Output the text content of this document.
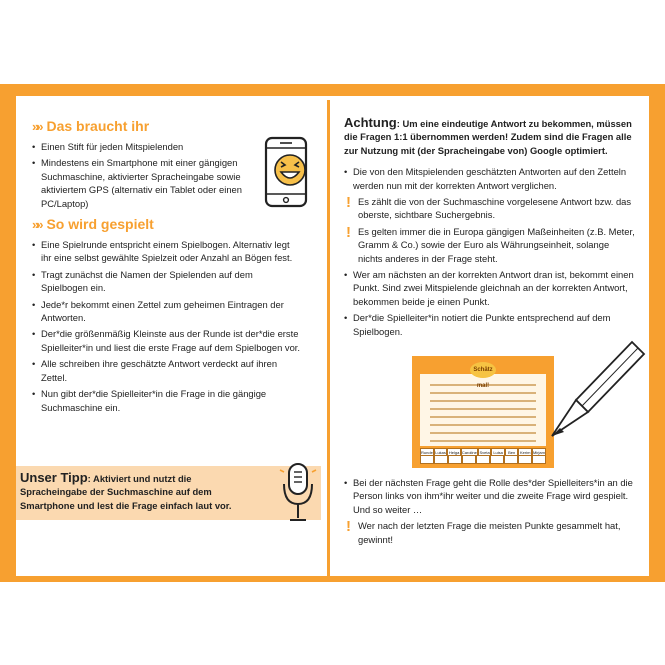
»» Das braucht ihr
• Einen Stift für jeden Mitspielenden
• Mindestens ein Smartphone mit einer gängigen Suchmaschine, aktivierter Spracheingabe sowie aktiviertem GPS (alternativ ein Tablet oder einen PC/Laptop)
»» So wird gespielt
• Eine Spielrunde entspricht einem Spielbogen. Alternativ legt ihr eine selbst gewählte Spielzeit oder Anzahl an Bögen fest.
• Tragt zunächst die Namen der Spielenden auf dem Spielbogen ein.
• Jede*r bekommt einen Zettel zum geheimen Eintragen der Antworten.
• Der*die größenmäßig Kleinste aus der Runde ist der*die erste Spielleiter*in und liest die erste Frage auf dem Spielbogen vor.
• Alle schreiben ihre geschätzte Antwort verdeckt auf ihren Zettel.
• Nun gibt der*die Spielleiter*in die Frage in die gängige Suchmaschine ein.
Unser Tipp: Aktiviert und nutzt die Spracheingabe der Suchmaschine auf dem Smartphone und lest die Frage einfach laut vor.
Achtung: Um eine eindeutige Antwort zu bekommen, müssen die Fragen 1:1 übernommen werden! Zudem sind die Fragen alle zur Nutzung mit (der Spracheingabe von) Google optimiert.
• Die von den Mitspielenden geschätzten Antworten auf den Zetteln werden nun mit der korrekten Antwort verglichen.
! Es zählt die von der Suchmaschine vorgelesene Antwort bzw. das oberste, sichtbare Suchergebnis.
! Es gelten immer die in Europa gängigen Maßeinheiten (z.B. Meter, Gramm & Co.) sowie der Euro als Währungseinheit, solange nichts anderes in der Frage steht.
• Wer am nächsten an der korrekten Antwort dran ist, bekommt einen Punkt. Sind zwei Mitspielende gleichnah an der korrekten Antwort, bekommen beide je einen Punkt.
• Der*die Spielleiter*in notiert die Punkte entsprechend auf dem Spielbogen.
Schätz mal!
Runde Lukas Helga Caroline Sveta Luisa	Ben	Kerim Mirjam
• Bei der nächsten Frage geht die Rolle des*der Spielleiters*in an die Person links von ihm*ihr weiter und die zweite Frage wird gespielt. Und so weiter …
! Wer nach der letzten Frage die meisten Punkte gesammelt hat, gewinnt!
